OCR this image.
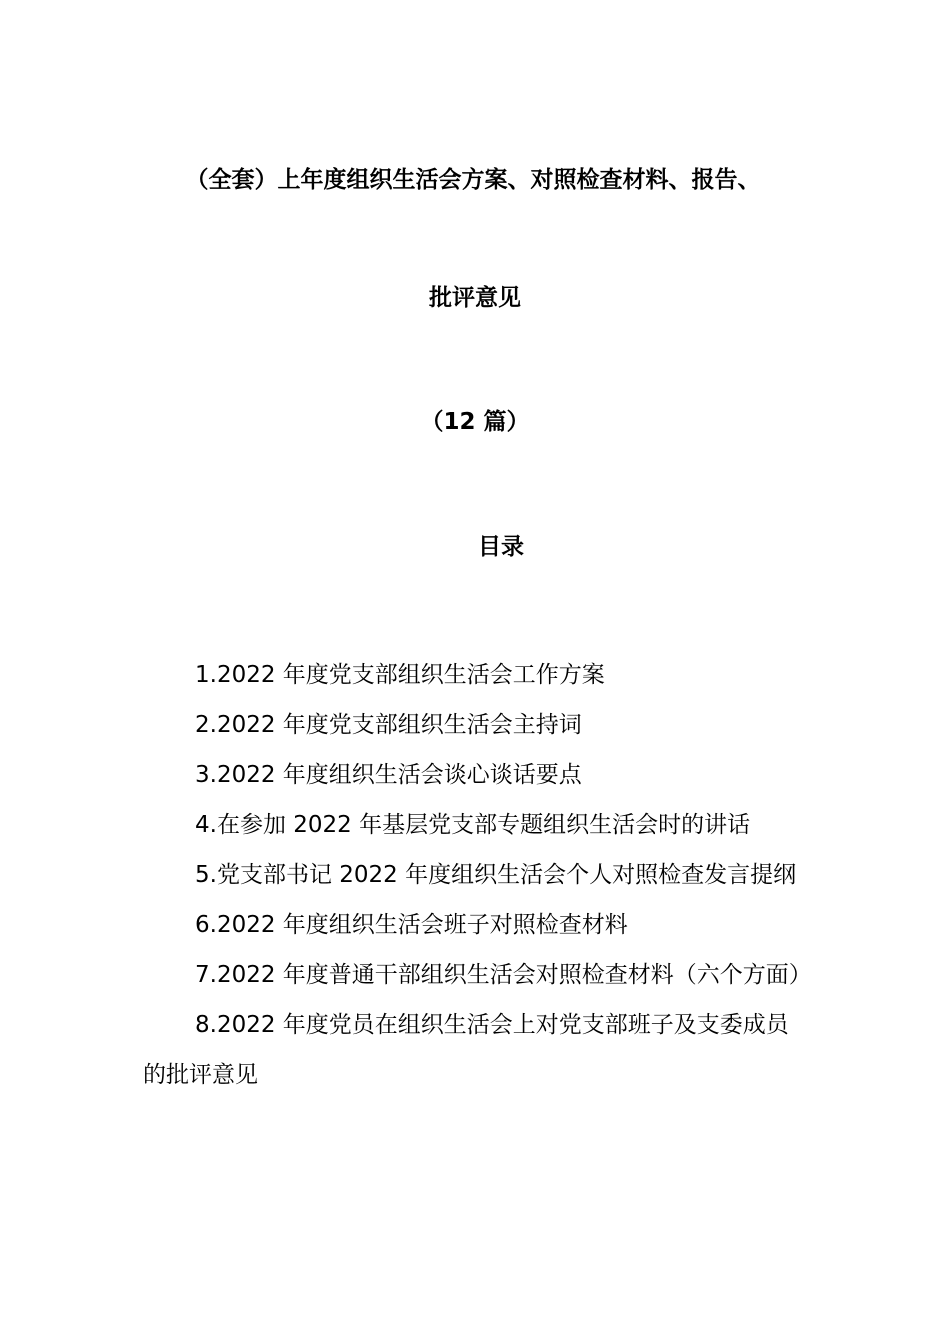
（全套）上年度组织生活会方案、对照检查材料、报告、
批评意见
（12 篇）
目录

1.2022 年度党支部组织生活会工作方案

2.2022 年度党支部组织生活会主持词

3.2022 年度组织生活会谈心谈话要点

4.在参加 2022 年基层党支部专题组织生活会时的讲话

5.党支部书记 2022 年度组织生活会个人对照检查发言提纲

6.2022 年度组织生活会班子对照检查材料

7.2022 年度普通干部组织生活会对照检查材料（六个方面）

8.2022 年度党员在组织生活会上对党支部班子及支委成员的批评意见
